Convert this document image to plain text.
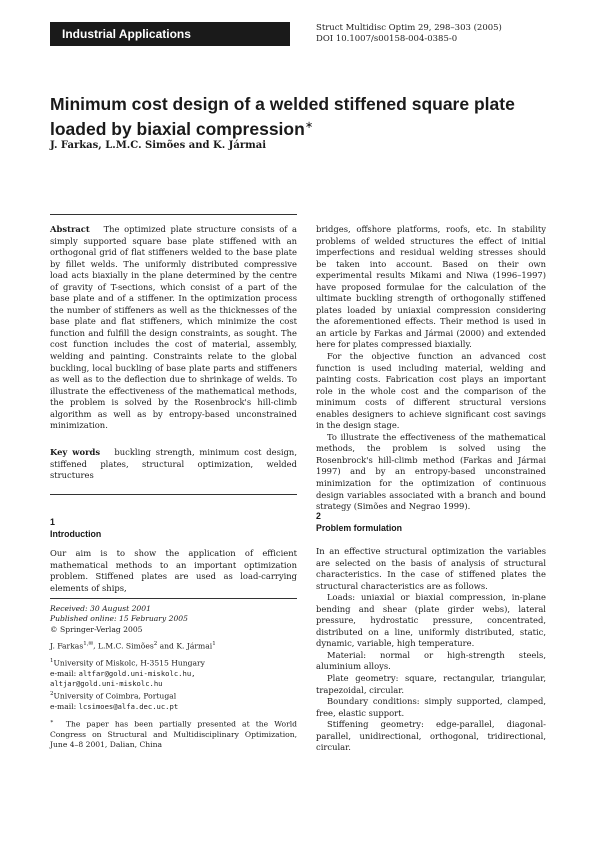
Industrial Applications	Struct Multidisc Optim 29, 298–303 (2005)
DOI 10.1007/s00158-004-0385-0
Minimum cost design of a welded stiffened square plate loaded by biaxial compression∗
J. Farkas, L.M.C. Simões and K. Jármai

Abstract The optimized plate structure consists of a simply supported square base plate stiffened with an orthogonal grid of flat stiffeners welded to the base plate by fillet welds. The uniformly distributed compressive load acts biaxially in the plane determined by the centre of gravity of T-sections, which consist of a part of the base plate and of a stiffener. In the optimization process the number of stiffeners as well as the thicknesses of the base plate and flat stiffeners, which minimize the cost function and fulfill the design constraints, as sought. The cost function includes the cost of material, assembly, welding and painting. Constraints relate to the global buckling, local buckling of base plate parts and stiffeners as well as to the deflection due to shrinkage of welds. To illustrate the effectiveness of the mathematical methods, the problem is solved by the Rosenbrock's hill-climb algorithm as well as by entropy-based unconstrained minimization.

Key words buckling strength, minimum cost design, stiffened plates, structural optimization, welded structures

1
Introduction

Our aim is to show the application of efficient mathematical methods to an important optimization problem. Stiffened plates are used as load-carrying elements of ships,

Received: 30 August 2001

Published online: 15 February 2005

© Springer-Verlag 2005

J. Farkas$^{1,✉}$, L.M.C. Simões$^2$ and K. Jármai$^1$

$^1$University of Miskolc, H-3515 Hungary

e-mail: altfar@gold.uni-miskolc.hu,

altjar@gold.uni-miskolc.hu

$^2$University of Coimbra, Portugal

e-mail: lcsimoes@alfa.dec.uc.pt

∗ The paper has been partially presented at the World Congress on Structural and Multidisciplinary Optimization, June 4–8 2001, Dalian, China

bridges, offshore platforms, roofs, etc. In stability problems of welded structures the effect of initial imperfections and residual welding stresses should be taken into account. Based on their own experimental results Mikami and Niwa (1996–1997) have proposed formulae for the calculation of the ultimate buckling strength of orthogonally stiffened plates loaded by uniaxial compression considering the aforementioned effects. Their method is used in an article by Farkas and Jármai (2000) and extended here for plates compressed biaxially.

For the objective function an advanced cost function is used including material, welding and painting costs. Fabrication cost plays an important role in the whole cost and the comparison of the minimum costs of different structural versions enables designers to achieve significant cost savings in the design stage.

To illustrate the effectiveness of the mathematical methods, the problem is solved using the Rosenbrock's hill-climb method (Farkas and Jármai 1997) and by an entropy-based unconstrained minimization for the optimization of continuous design variables associated with a branch and bound strategy (Simões and Negrao 1999).

2
Problem formulation

In an effective structural optimization the variables are selected on the basis of analysis of structural characteristics. In the case of stiffened plates the structural characteristics are as follows.

Loads: uniaxial or biaxial compression, in-plane bending and shear (plate girder webs), lateral pressure, hydrostatic pressure, concentrated, distributed on a line, uniformly distributed, static, dynamic, variable, high temperature.

Material: normal or high-strength steels, aluminium alloys.

Plate geometry: square, rectangular, triangular, trapezoidal, circular.

Boundary conditions: simply supported, clamped, free, elastic support.

Stiffening geometry: edge-parallel, diagonal-parallel, unidirectional, orthogonal, tridirectional, circular.
